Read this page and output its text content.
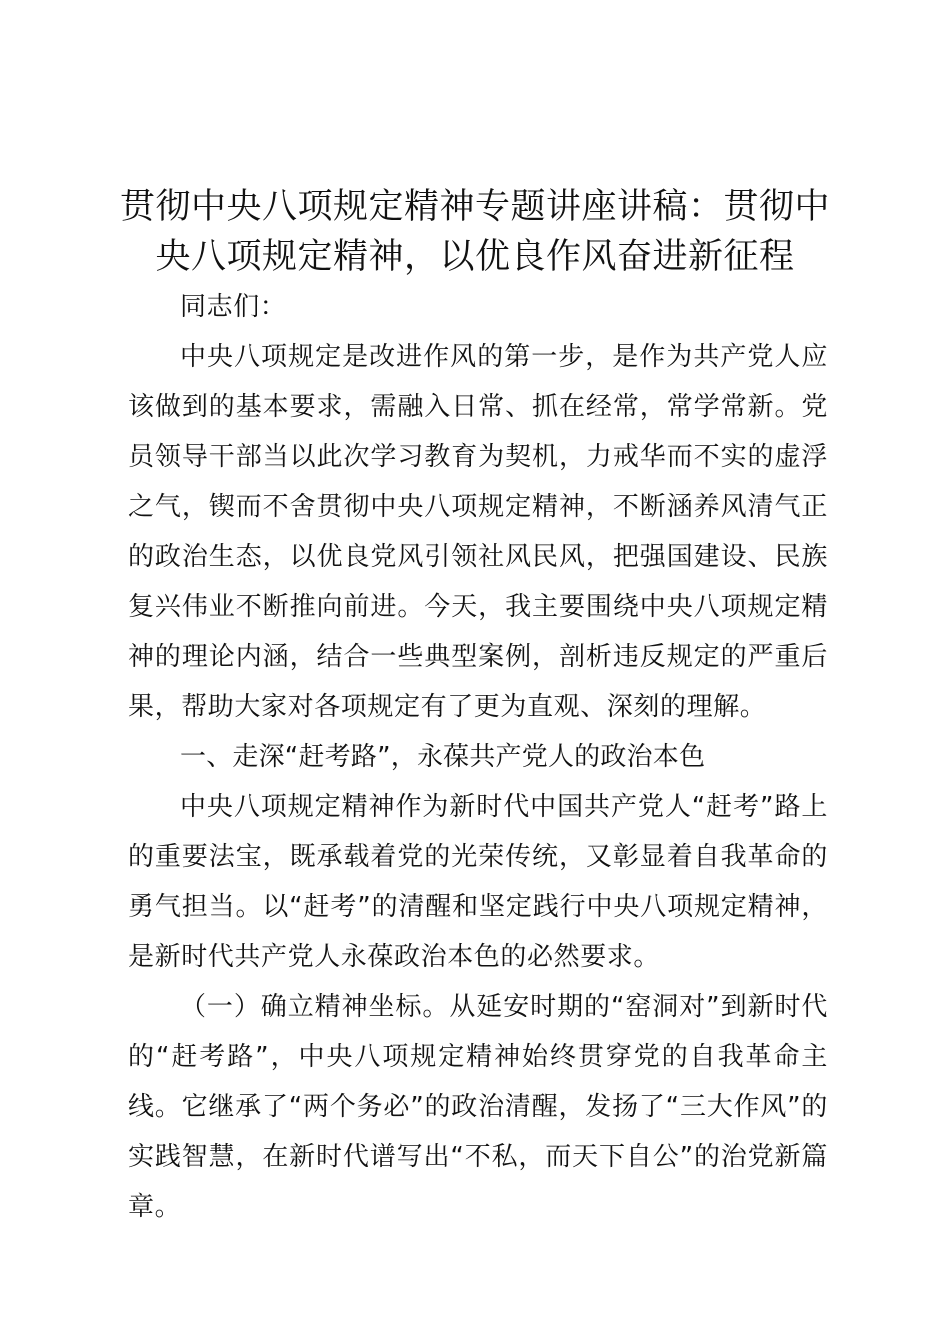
贯彻中央八项规定精神专题讲座讲稿：贯彻中央八项规定精神，以优良作风奋进新征程

同志们：

中央八项规定是改进作风的第一步，是作为共产党人应该做到的基本要求，需融入日常、抓在经常，常学常新。党员领导干部当以此次学习教育为契机，力戒华而不实的虚浮之气，锲而不舍贯彻中央八项规定精神，不断涵养风清气正的政治生态，以优良党风引领社风民风，把强国建设、民族复兴伟业不断推向前进。今天，我主要围绕中央八项规定精神的理论内涵，结合一些典型案例，剖析违反规定的严重后果，帮助大家对各项规定有了更为直观、深刻的理解。

一、走深“赶考路”，永葆共产党人的政治本色

中央八项规定精神作为新时代中国共产党人“赶考”路上的重要法宝，既承载着党的光荣传统，又彰显着自我革命的勇气担当。以“赶考”的清醒和坚定践行中央八项规定精神，是新时代共产党人永葆政治本色的必然要求。

（一）确立精神坐标。从延安时期的“窑洞对”到新时代的“赶考路”，中央八项规定精神始终贯穿党的自我革命主线。它继承了“两个务必”的政治清醒，发扬了“三大作风”的实践智慧，在新时代谱写出“不私，而天下自公”的治党新篇章。
